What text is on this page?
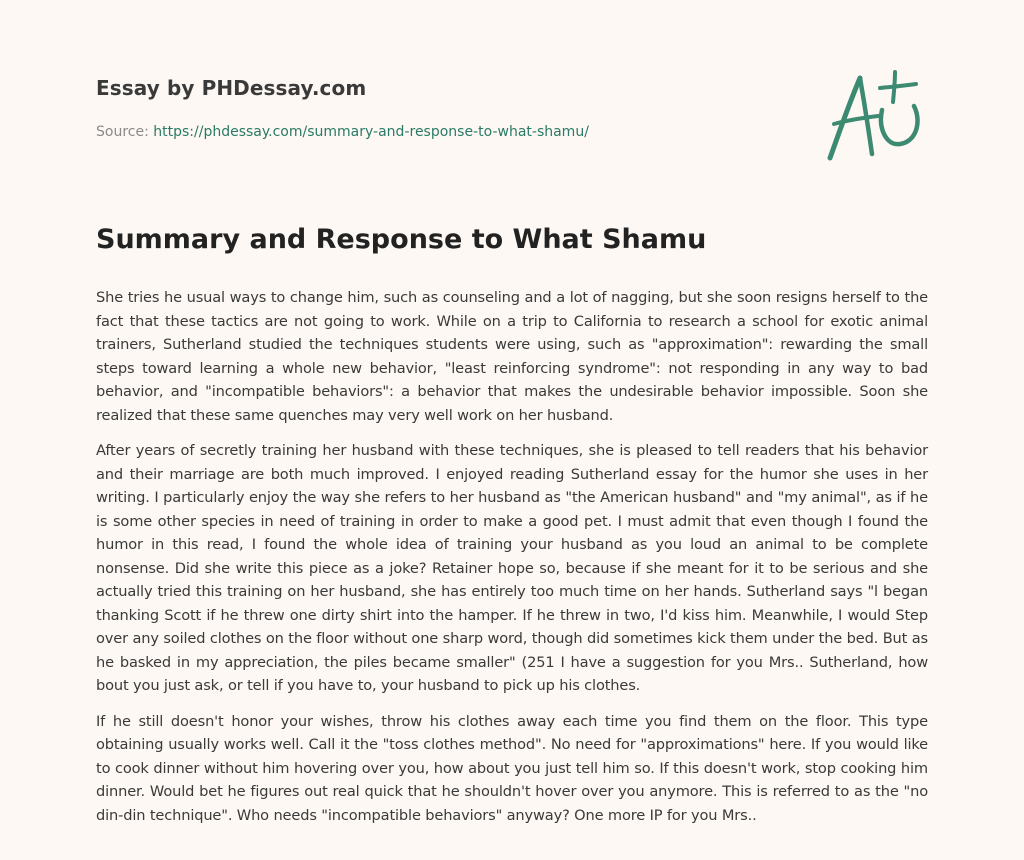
Essay by PHDessay.com
Source: https://phdessay.com/summary-and-response-to-what-shamu/
Summary and Response to What Shamu

She tries he usual ways to change him, such as counseling and a lot of nagging, but she soon resigns herself to the fact that these tactics are not going to work. While on a trip to California to research a school for exotic animal trainers, Sutherland studied the techniques students were using, such as "approximation": rewarding the small steps toward learning a whole new behavior, "least reinforcing syndrome": not responding in any way to bad behavior, and "incompatible behaviors": a behavior that makes the undesirable behavior impossible. Soon she realized that these same quenches may very well work on her husband.

After years of secretly training her husband with these techniques, she is pleased to tell readers that his behavior and their marriage are both much improved. I enjoyed reading Sutherland essay for the humor she uses in her writing. I particularly enjoy the way she refers to her husband as "the American husband" and "my animal", as if he is some other species in need of training in order to make a good pet. I must admit that even though I found the humor in this read, I found the whole idea of training your husband as you loud an animal to be complete nonsense. Did she write this piece as a joke? Retainer hope so, because if she meant for it to be serious and she actually tried this training on her husband, she has entirely too much time on her hands. Sutherland says "l began thanking Scott if he threw one dirty shirt into the hamper. If he threw in two, I'd kiss him. Meanwhile, I would Step over any soiled clothes on the floor without one sharp word, though did sometimes kick them under the bed. But as he basked in my appreciation, the piles became smaller" (251 I have a suggestion for you Mrs.. Sutherland, how bout you just ask, or tell if you have to, your husband to pick up his clothes.

If he still doesn't honor your wishes, throw his clothes away each time you find them on the floor. This type obtaining usually works well. Call it the "toss clothes method". No need for "approximations" here. If you would like to cook dinner without him hovering over you, how about you just tell him so. If this doesn't work, stop cooking him dinner. Would bet he figures out real quick that he shouldn't hover over you anymore. This is referred to as the "no din-din technique". Who needs "incompatible behaviors" anyway? One more IP for you Mrs..
